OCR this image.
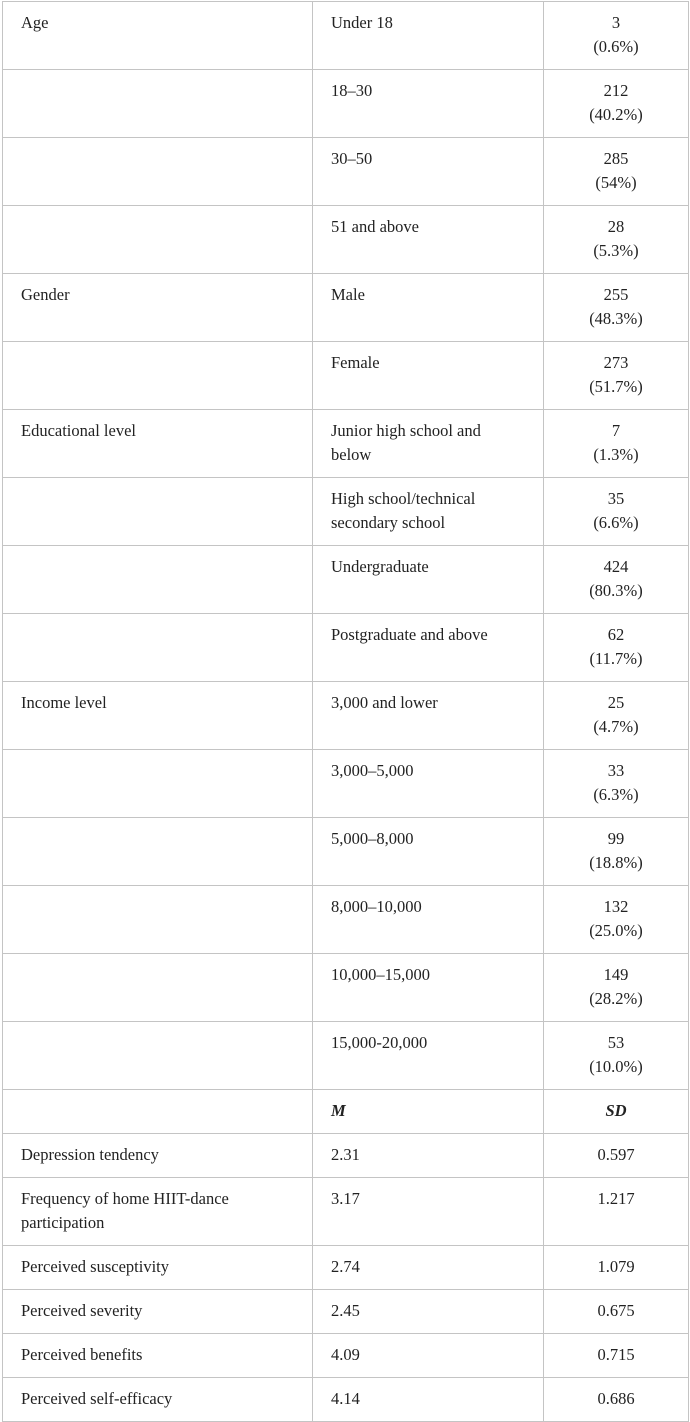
Age	Under 18	3
(0.6%)
	18–30	212
(40.2%)
	30–50	285
(54%)
	51 and above	28
(5.3%)
Gender	Male	255
(48.3%)
	Female	273
(51.7%)
Educational level	Junior high school and below	7
(1.3%)
	High school/technical secondary school	35
(6.6%)
	Undergraduate	424
(80.3%)
	Postgraduate and above	62
(11.7%)
Income level	3,000 and lower	25
(4.7%)
	3,000–5,000	33
(6.3%)
	5,000–8,000	99
(18.8%)
	8,000–10,000	132
(25.0%)
	10,000–15,000	149
(28.2%)
	15,000-20,000	53
(10.0%)
	M	SD
Depression tendency	2.31	0.597
Frequency of home HIIT-dance participation	3.17	1.217
Perceived susceptivity	2.74	1.079
Perceived severity	2.45	0.675
Perceived benefits	4.09	0.715
Perceived self-efficacy	4.14	0.686
